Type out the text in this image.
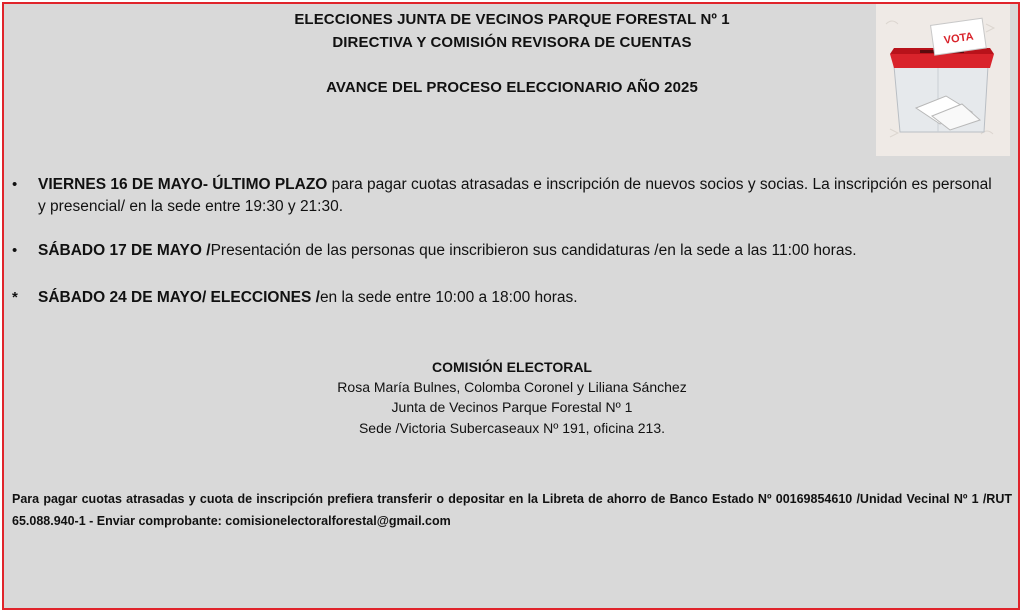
ELECCIONES JUNTA DE VECINOS PARQUE FORESTAL Nº 1
DIRECTIVA Y COMISIÓN REVISORA DE CUENTAS
AVANCE DEL PROCESO ELECCIONARIO AÑO 2025
VOTA
• VIERNES 16 DE MAYO- ÚLTIMO PLAZO para pagar cuotas atrasadas e inscripción de nuevos socios y socias. La inscripción es personal y presencial/ en la sede entre 19:30 y 21:30.
• SÁBADO 17 DE MAYO /Presentación de las personas que inscribieron sus candidaturas /en la sede a las 11:00 horas.
* SÁBADO 24 DE MAYO/ ELECCIONES /en la sede entre 10:00 a 18:00 horas.
COMISIÓN ELECTORAL
Rosa María Bulnes, Colomba Coronel y Liliana Sánchez
Junta de Vecinos Parque Forestal Nº 1
Sede /Victoria Subercaseaux Nº 191, oficina 213.
Para pagar cuotas atrasadas y cuota de inscripción prefiera transferir o depositar en la Libreta de ahorro de Banco Estado Nº 00169854610 /Unidad Vecinal Nº 1 /RUT 65.088.940-1 - Enviar comprobante: comisionelectoralforestal@gmail.com
